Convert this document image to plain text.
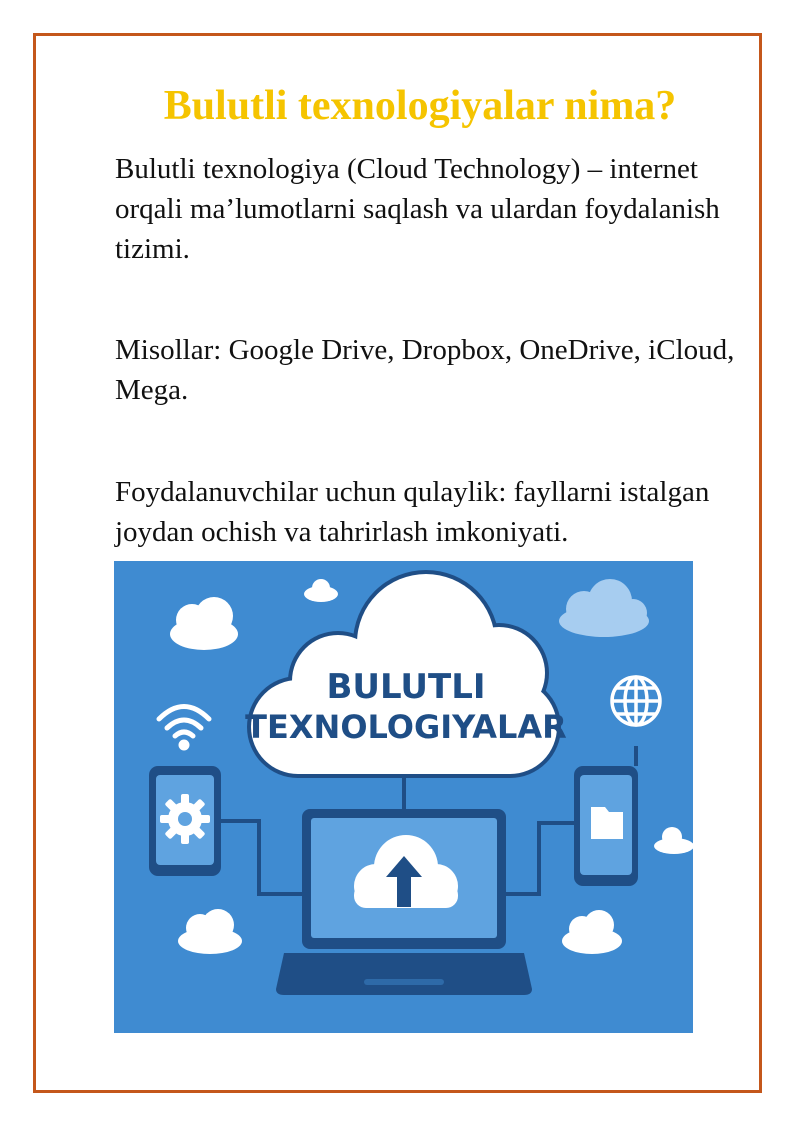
Bulutli texnologiyalar nima?

Bulutli texnologiya (Cloud Technology) – internet orqali ma’lumotlarni saqlash va ulardan foydalanish tizimi.

Misollar: Google Drive, Dropbox, OneDrive, iCloud, Mega.

Foydalanuvchilar uchun qulaylik: fayllarni istalgan joydan ochish va tahrirlash imkoniyati.

BULUTLI
TEXNOLOGIYALAR
